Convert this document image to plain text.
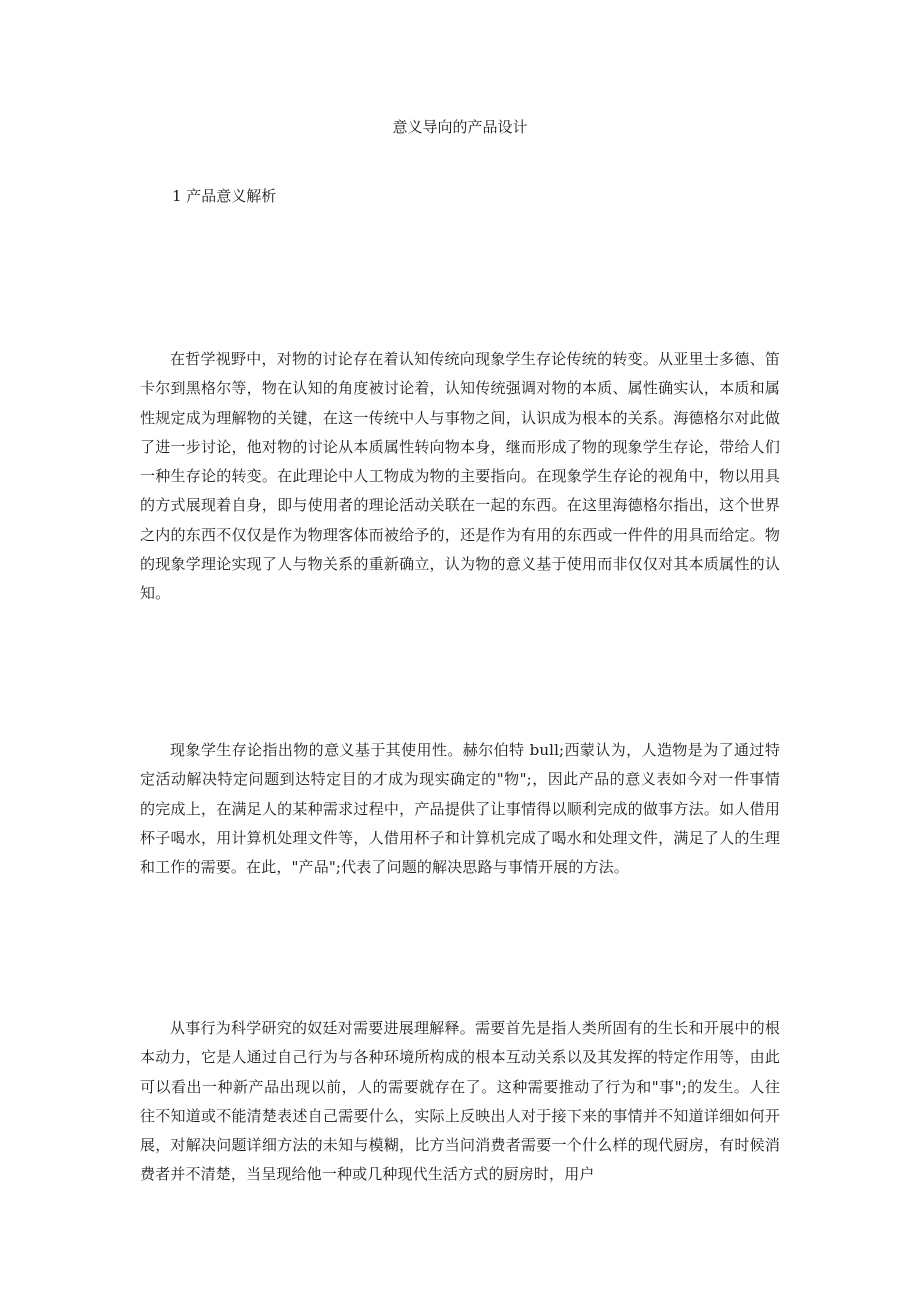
意义导向的产品设计
1 产品意义解析

在哲学视野中，对物的讨论存在着认知传统向现象学生存论传统的转变。从亚里士多德、笛卡尔到黑格尔等，物在认知的角度被讨论着，认知传统强调对物的本质、属性确实认，本质和属性规定成为理解物的关键，在这一传统中人与事物之间，认识成为根本的关系。海德格尔对此做了进一步讨论，他对物的讨论从本质属性转向物本身，继而形成了物的现象学生存论，带给人们一种生存论的转变。在此理论中人工物成为物的主要指向。在现象学生存论的视角中，物以用具的方式展现着自身，即与使用者的理论活动关联在一起的东西。在这里海德格尔指出，这个世界之内的东西不仅仅是作为物理客体而被给予的，还是作为有用的东西或一件件的用具而给定。物的现象学理论实现了人与物关系的重新确立，认为物的意义基于使用而非仅仅对其本质属性的认知。

现象学生存论指出物的意义基于其使用性。赫尔伯特 bull;西蒙认为，人造物是为了通过特定活动解决特定问题到达特定目的才成为现实确定的"物";，因此产品的意义表如今对一件事情的完成上，在满足人的某种需求过程中，产品提供了让事情得以顺利完成的做事方法。如人借用杯子喝水，用计算机处理文件等，人借用杯子和计算机完成了喝水和处理文件，满足了人的生理和工作的需要。在此，"产品";代表了问题的解决思路与事情开展的方法。

从事行为科学研究的奴廷对需要进展理解释。需要首先是指人类所固有的生长和开展中的根本动力，它是人通过自己行为与各种环境所构成的根本互动关系以及其发挥的特定作用等，由此可以看出一种新产品出现以前，人的需要就存在了。这种需要推动了行为和"事";的发生。人往往不知道或不能清楚表述自己需要什么，实际上反映出人对于接下来的事情并不知道详细如何开展，对解决问题详细方法的未知与模糊，比方当问消费者需要一个什么样的现代厨房，有时候消费者并不清楚，当呈现给他一种或几种现代生活方式的厨房时，用户
